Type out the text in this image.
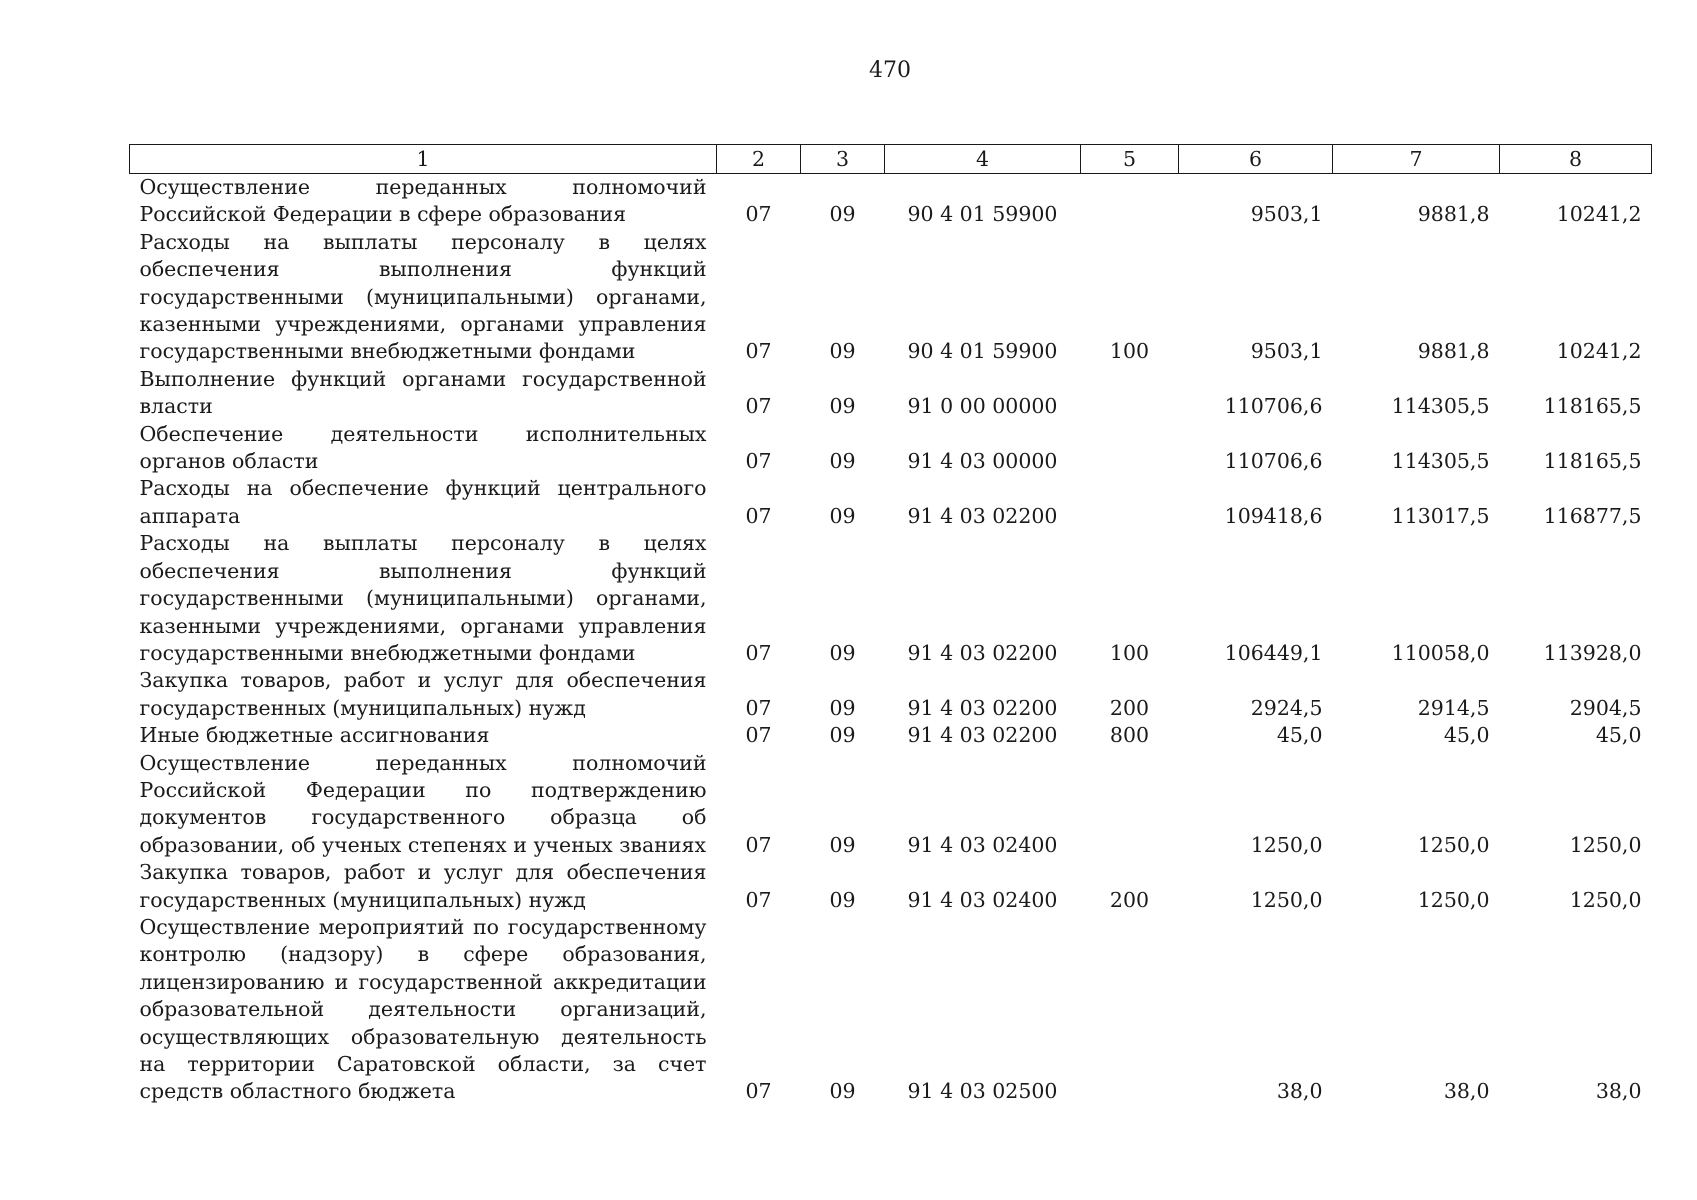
470
1	2	3	4	5	6	7	8
Осуществление переданных полномочий Российской Федерации в сфере образования	07	09	90 4 01 59900		9503,1	9881,8	10241,2
Расходы на выплаты персоналу в целях обеспечения выполнения функций государственными (муниципальными) органами, казенными учреждениями, органами управления государственными внебюджетными фондами	07	09	90 4 01 59900	100	9503,1	9881,8	10241,2
Выполнение функций органами государственной власти	07	09	91 0 00 00000		110706,6	114305,5	118165,5
Обеспечение деятельности исполнительных органов области	07	09	91 4 03 00000		110706,6	114305,5	118165,5
Расходы на обеспечение функций центрального аппарата	07	09	91 4 03 02200		109418,6	113017,5	116877,5
Расходы на выплаты персоналу в целях обеспечения выполнения функций государственными (муниципальными) органами, казенными учреждениями, органами управления государственными внебюджетными фондами	07	09	91 4 03 02200	100	106449,1	110058,0	113928,0
Закупка товаров, работ и услуг для обеспечения государственных (муниципальных) нужд	07	09	91 4 03 02200	200	2924,5	2914,5	2904,5
Иные бюджетные ассигнования	07	09	91 4 03 02200	800	45,0	45,0	45,0
Осуществление переданных полномочий Российской Федерации по подтверждению документов государственного образца об образовании, об ученых степенях и ученых званиях	07	09	91 4 03 02400		1250,0	1250,0	1250,0
Закупка товаров, работ и услуг для обеспечения государственных (муниципальных) нужд	07	09	91 4 03 02400	200	1250,0	1250,0	1250,0
Осуществление мероприятий по государственному контролю (надзору) в сфере образования, лицензированию и государственной аккредитации образовательной деятельности организаций, осуществляющих образовательную деятельность на территории Саратовской области, за счет средств областного бюджета	07	09	91 4 03 02500		38,0	38,0	38,0
